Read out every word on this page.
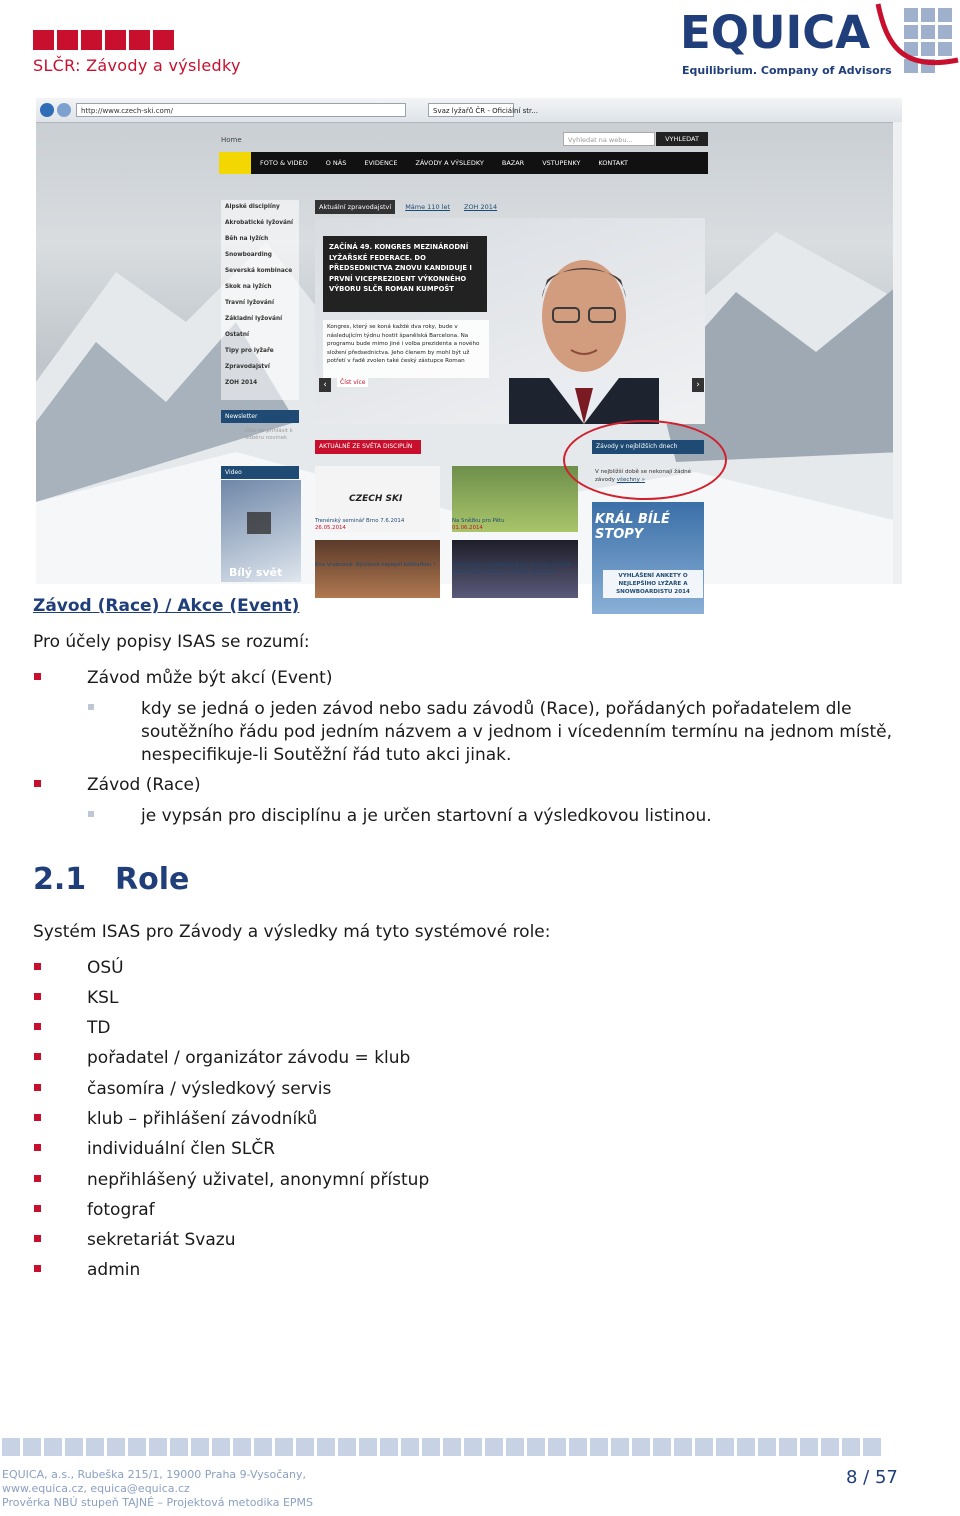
SLČR: Závody a výsledky
EQUICA
Equilibrium. Company of Advisors
http://www.czech-ski.com/	Svaz lyžařů ČR - Oficiální str...
Home	Vyhledat na webu...	VYHLEDAT
FOTO & VIDEO	O NÁS	EVIDENCE	ZÁVODY A VÝSLEDKY	BAZAR	VSTUPENKY	KONTAKT
Alpské disciplíny
Akrobatické lyžování
Běh na lyžích
Snowboarding
Severská kombinace
Skok na lyžích
Travní lyžování
Základní lyžování
Ostatní
Tipy pro lyžaře
Zpravodajství
ZOH 2014
Newsletter
Chci se přihlásit k odběru novinek
Video
Bílý svět
Aktuální zpravodajství	Máme 110 let	ZOH 2014
ZAČÍNÁ 49. KONGRES MEZINÁRODNÍ LYŽAŘSKÉ FEDERACE. DO PŘEDSEDNICTVA ZNOVU KANDIDUJE I PRVNÍ VICEPREZIDENT VÝKONNÉHO VÝBORU SLČR ROMAN KUMPOŠT
Kongres, který se koná každé dva roky, bude v následujícím týdnu hostit španělská Barcelona. Na programu bude mimo jiné i volba prezidenta a nového složení předsednictva. Jeho členem by mohl být už potřetí v řadě zvolen také český zástupce Roman
Číst více
‹	›
AKTUÁLNĚ ZE SVĚTA DISCIPLÍN
CZECH SKI
Trenérský seminář Brno 7.6.2014
26.05.2014
Na Sněžku pro Pětu
01.06.2014
Eva Vrabcová- Nývltová nejlepší běžkařkou !	Čeští lyžaři a snowboardisté mají po čtyřech letech opět Královnu. Je Eva Samková
Závody v nejbližších dnech
V nejbližší době se nekonají žádné závody všechny »
KRÁL BÍLÉ STOPY
VYHLÁŠENÍ ANKETY O NEJLEPŠÍHO LYŽAŘE A SNOWBOARDISTU 2014
Závod (Race) / Akce (Event)
Pro účely popisy ISAS se rozumí:
Závod může být akcí (Event)
kdy se jedná o jeden závod nebo sadu závodů (Race), pořádaných pořadatelem dle
soutěžního řádu pod jedním názvem a v jednom i vícedenním termínu na jednom místě,
nespecifikuje-li Soutěžní řád tuto akci jinak.
Závod (Race)
je vypsán pro disciplínu a je určen startovní a výsledkovou listinou.
2.1 Role
Systém ISAS pro Závody a výsledky má tyto systémové role:
OSÚ
KSL
TD
pořadatel / organizátor závodu = klub
časomíra / výsledkový servis
klub – přihlášení závodníků
individuální člen SLČR
nepřihlášený uživatel, anonymní přístup
fotograf
sekretariát Svazu
admin
EQUICA, a.s., Rubeška 215/1, 19000 Praha 9-Vysočany,
www.equica.cz, equica@equica.cz
Prověrka NBÚ stupeň TAJNÉ – Projektová metodika EPMS
8 / 57
